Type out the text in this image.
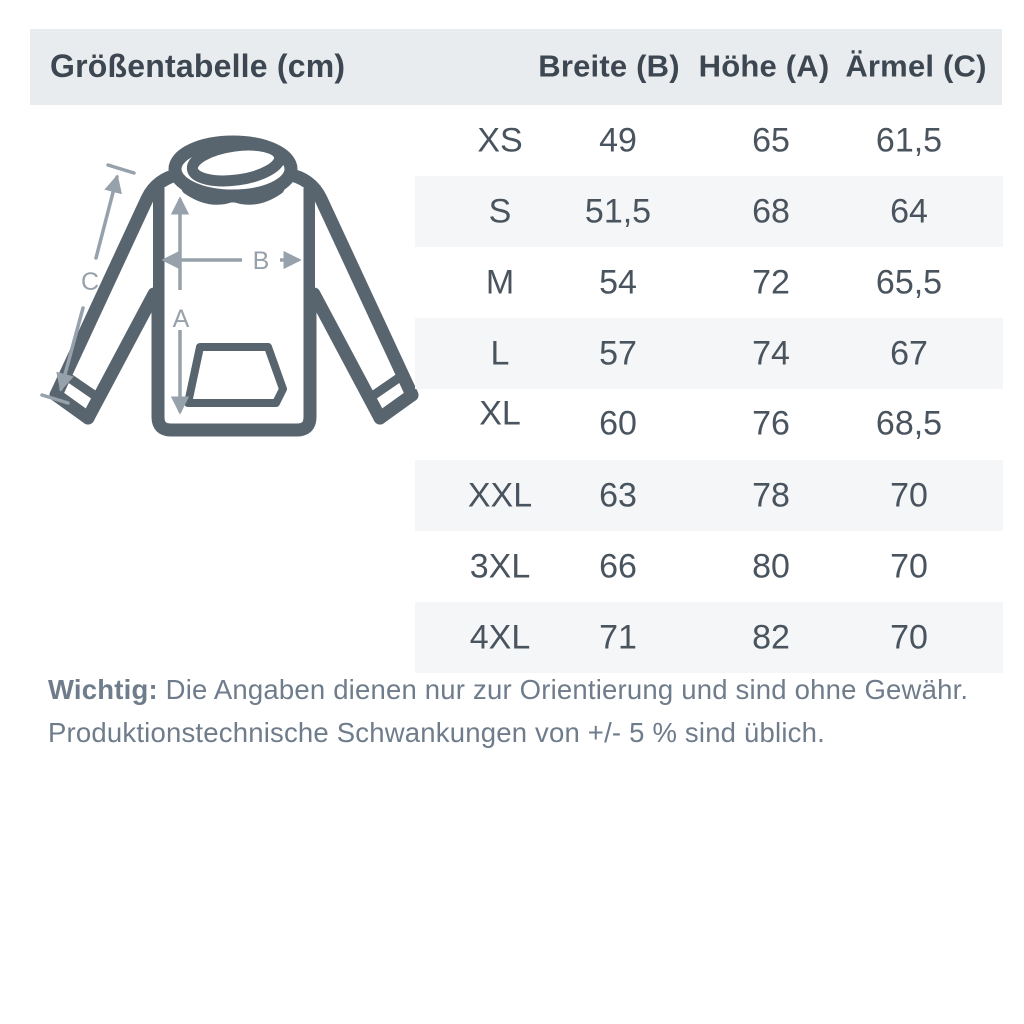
Größentabelle (cm)	Breite (B) Höhe (A) Ärmel (C)
A
B
C
XS 49	65	61,5
S 51,5	68	64
M 54	72	65,5
L	57	74	67
XL 60	76	68,5
XXL 63	78	70
3XL 66	80	70
4XL 71	82	70
Wichtig: Die Angaben dienen nur zur Orientierung und sind ohne Gewähr.
Produktionstechnische Schwankungen von +/- 5 % sind üblich.
